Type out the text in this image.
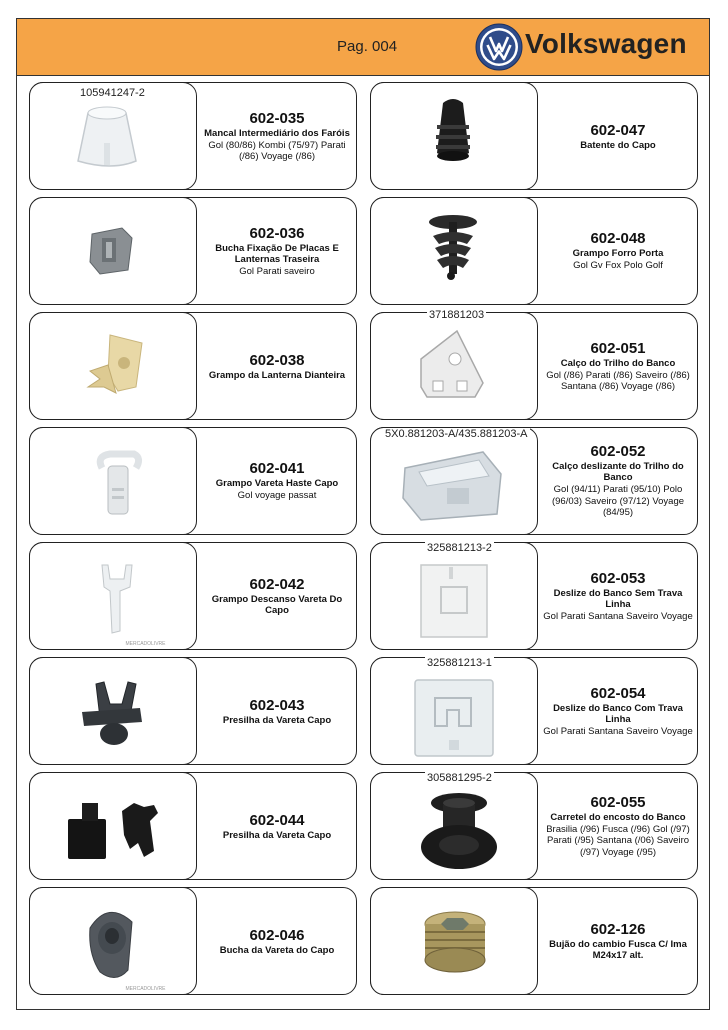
Pag. 004	Volkswagen
105941247-2
602-035
Mancal Intermediário dos Faróis
Gol (80/86) Kombi (75/97) Parati (/86) Voyage (/86)
602-047
Batente do Capo
602-036
Bucha Fixação De Placas E Lanternas Traseira
Gol Parati saveiro
602-048
Grampo Forro Porta
Gol Gv Fox Polo Golf
602-038
Grampo da Lanterna Dianteira
371881203
602-051
Calço do Trilho do Banco
Gol (/86) Parati (/86) Saveiro (/86) Santana (/86) Voyage (/86)
602-041
Grampo Vareta Haste Capo
Gol voyage passat
5X0.881203-A/435.881203-A
602-052
Calço deslizante do Trilho do Banco
Gol (94/11) Parati (95/10) Polo (96/03) Saveiro (97/12) Voyage (84/95)
MERCADOLIVRE
602-042
Grampo Descanso Vareta Do Capo
325881213-2
602-053
Deslize do Banco Sem Trava Linha
Gol Parati Santana Saveiro Voyage
602-043
Presilha da Vareta Capo
325881213-1
602-054
Deslize do Banco Com Trava Linha
Gol Parati Santana Saveiro Voyage
602-044
Presilha da Vareta Capo
305881295-2
602-055
Carretel do encosto do Banco
Brasilia (/96) Fusca (/96) Gol (/97) Parati (/95) Santana (/06) Saveiro (/97) Voyage (/95)
MERCADOLIVRE
602-046
Bucha da Vareta do Capo
602-126
Bujão do cambio Fusca C/ Ima M24x17 alt.
